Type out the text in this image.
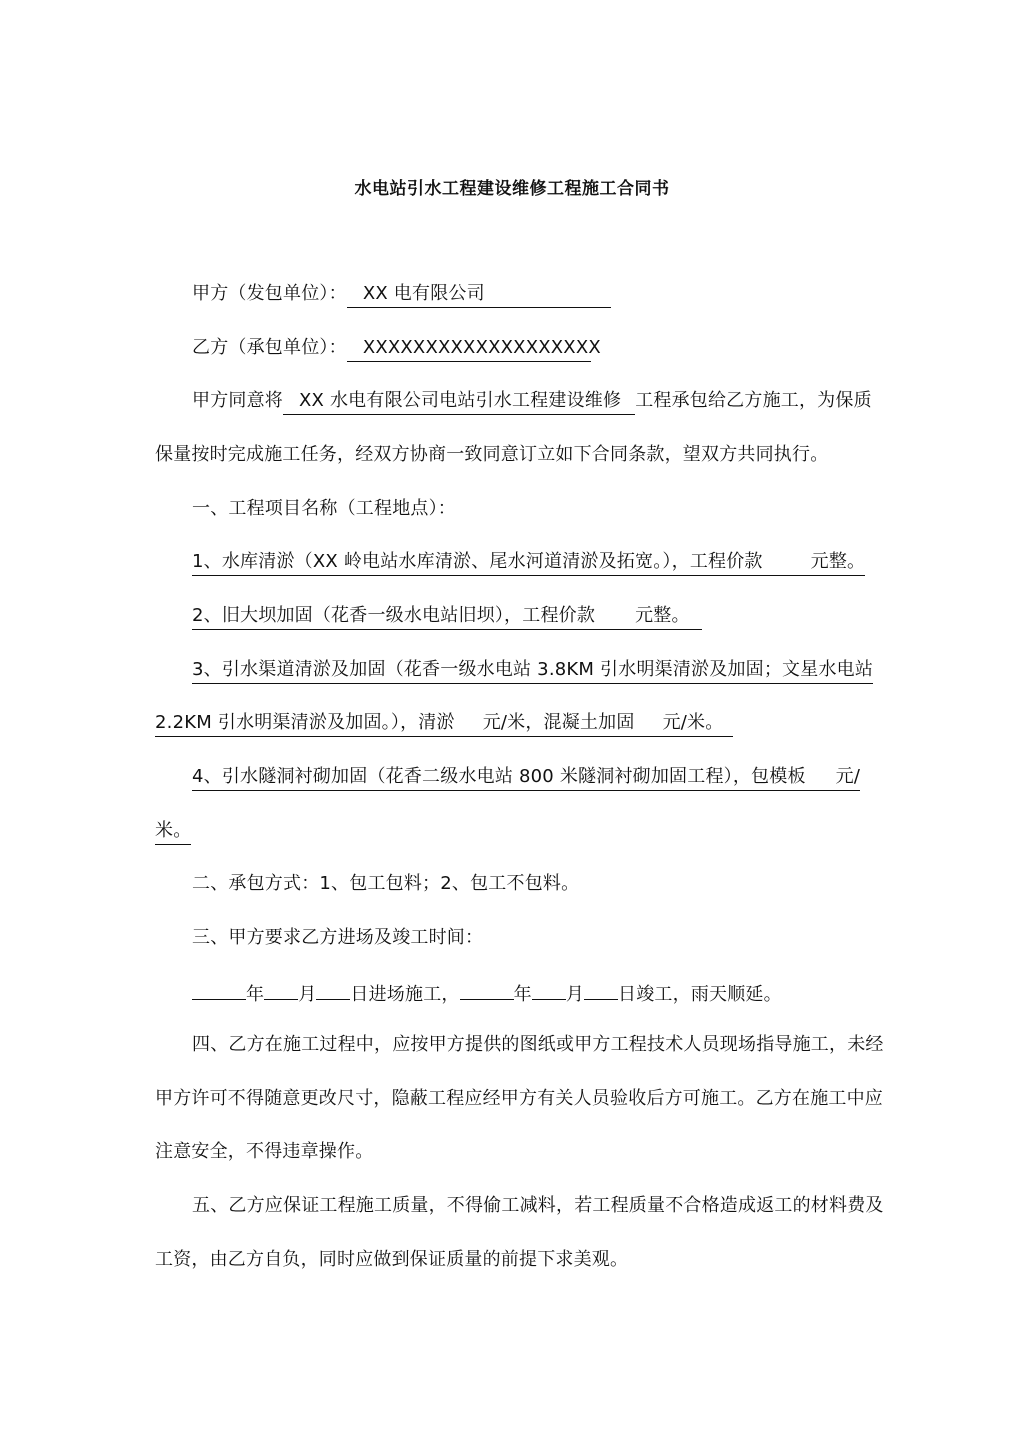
水电站引水工程建设维修工程施工合同书
甲方（发包单位）： XX 电有限公司
乙方（承包单位）： XXXXXXXXXXXXXXXXXXX
甲方同意将 XX 水电有限公司电站引水工程建设维修 工程承包给乙方施工，为保质
保量按时完成施工任务，经双方协商一致同意订立如下合同条款，望双方共同执行。
一、工程项目名称（工程地点）：
1、水库清淤（XX 岭电站水库清淤、尾水河道清淤及拓宽。），工程价款	元整。
2、旧大坝加固（花香一级水电站旧坝），工程价款 元整。
3、引水渠道清淤及加固（花香一级水电站 3.8KM 引水明渠清淤及加固；文星水电站
2.2KM 引水明渠清淤及加固。），清淤 元/米，混凝土加固 元/米。
4、引水隧洞衬砌加固（花香二级水电站 800 米隧洞衬砌加固工程），包模板 元/
米。
二、承包方式：1、包工包料；2、包工不包料。
三、甲方要求乙方进场及竣工时间：
年 月 日进场施工，	年 月 日竣工，雨天顺延。
四、乙方在施工过程中，应按甲方提供的图纸或甲方工程技术人员现场指导施工，未经
甲方许可不得随意更改尺寸，隐蔽工程应经甲方有关人员验收后方可施工。乙方在施工中应
注意安全，不得违章操作。
五、乙方应保证工程施工质量，不得偷工减料，若工程质量不合格造成返工的材料费及
工资，由乙方自负，同时应做到保证质量的前提下求美观。
